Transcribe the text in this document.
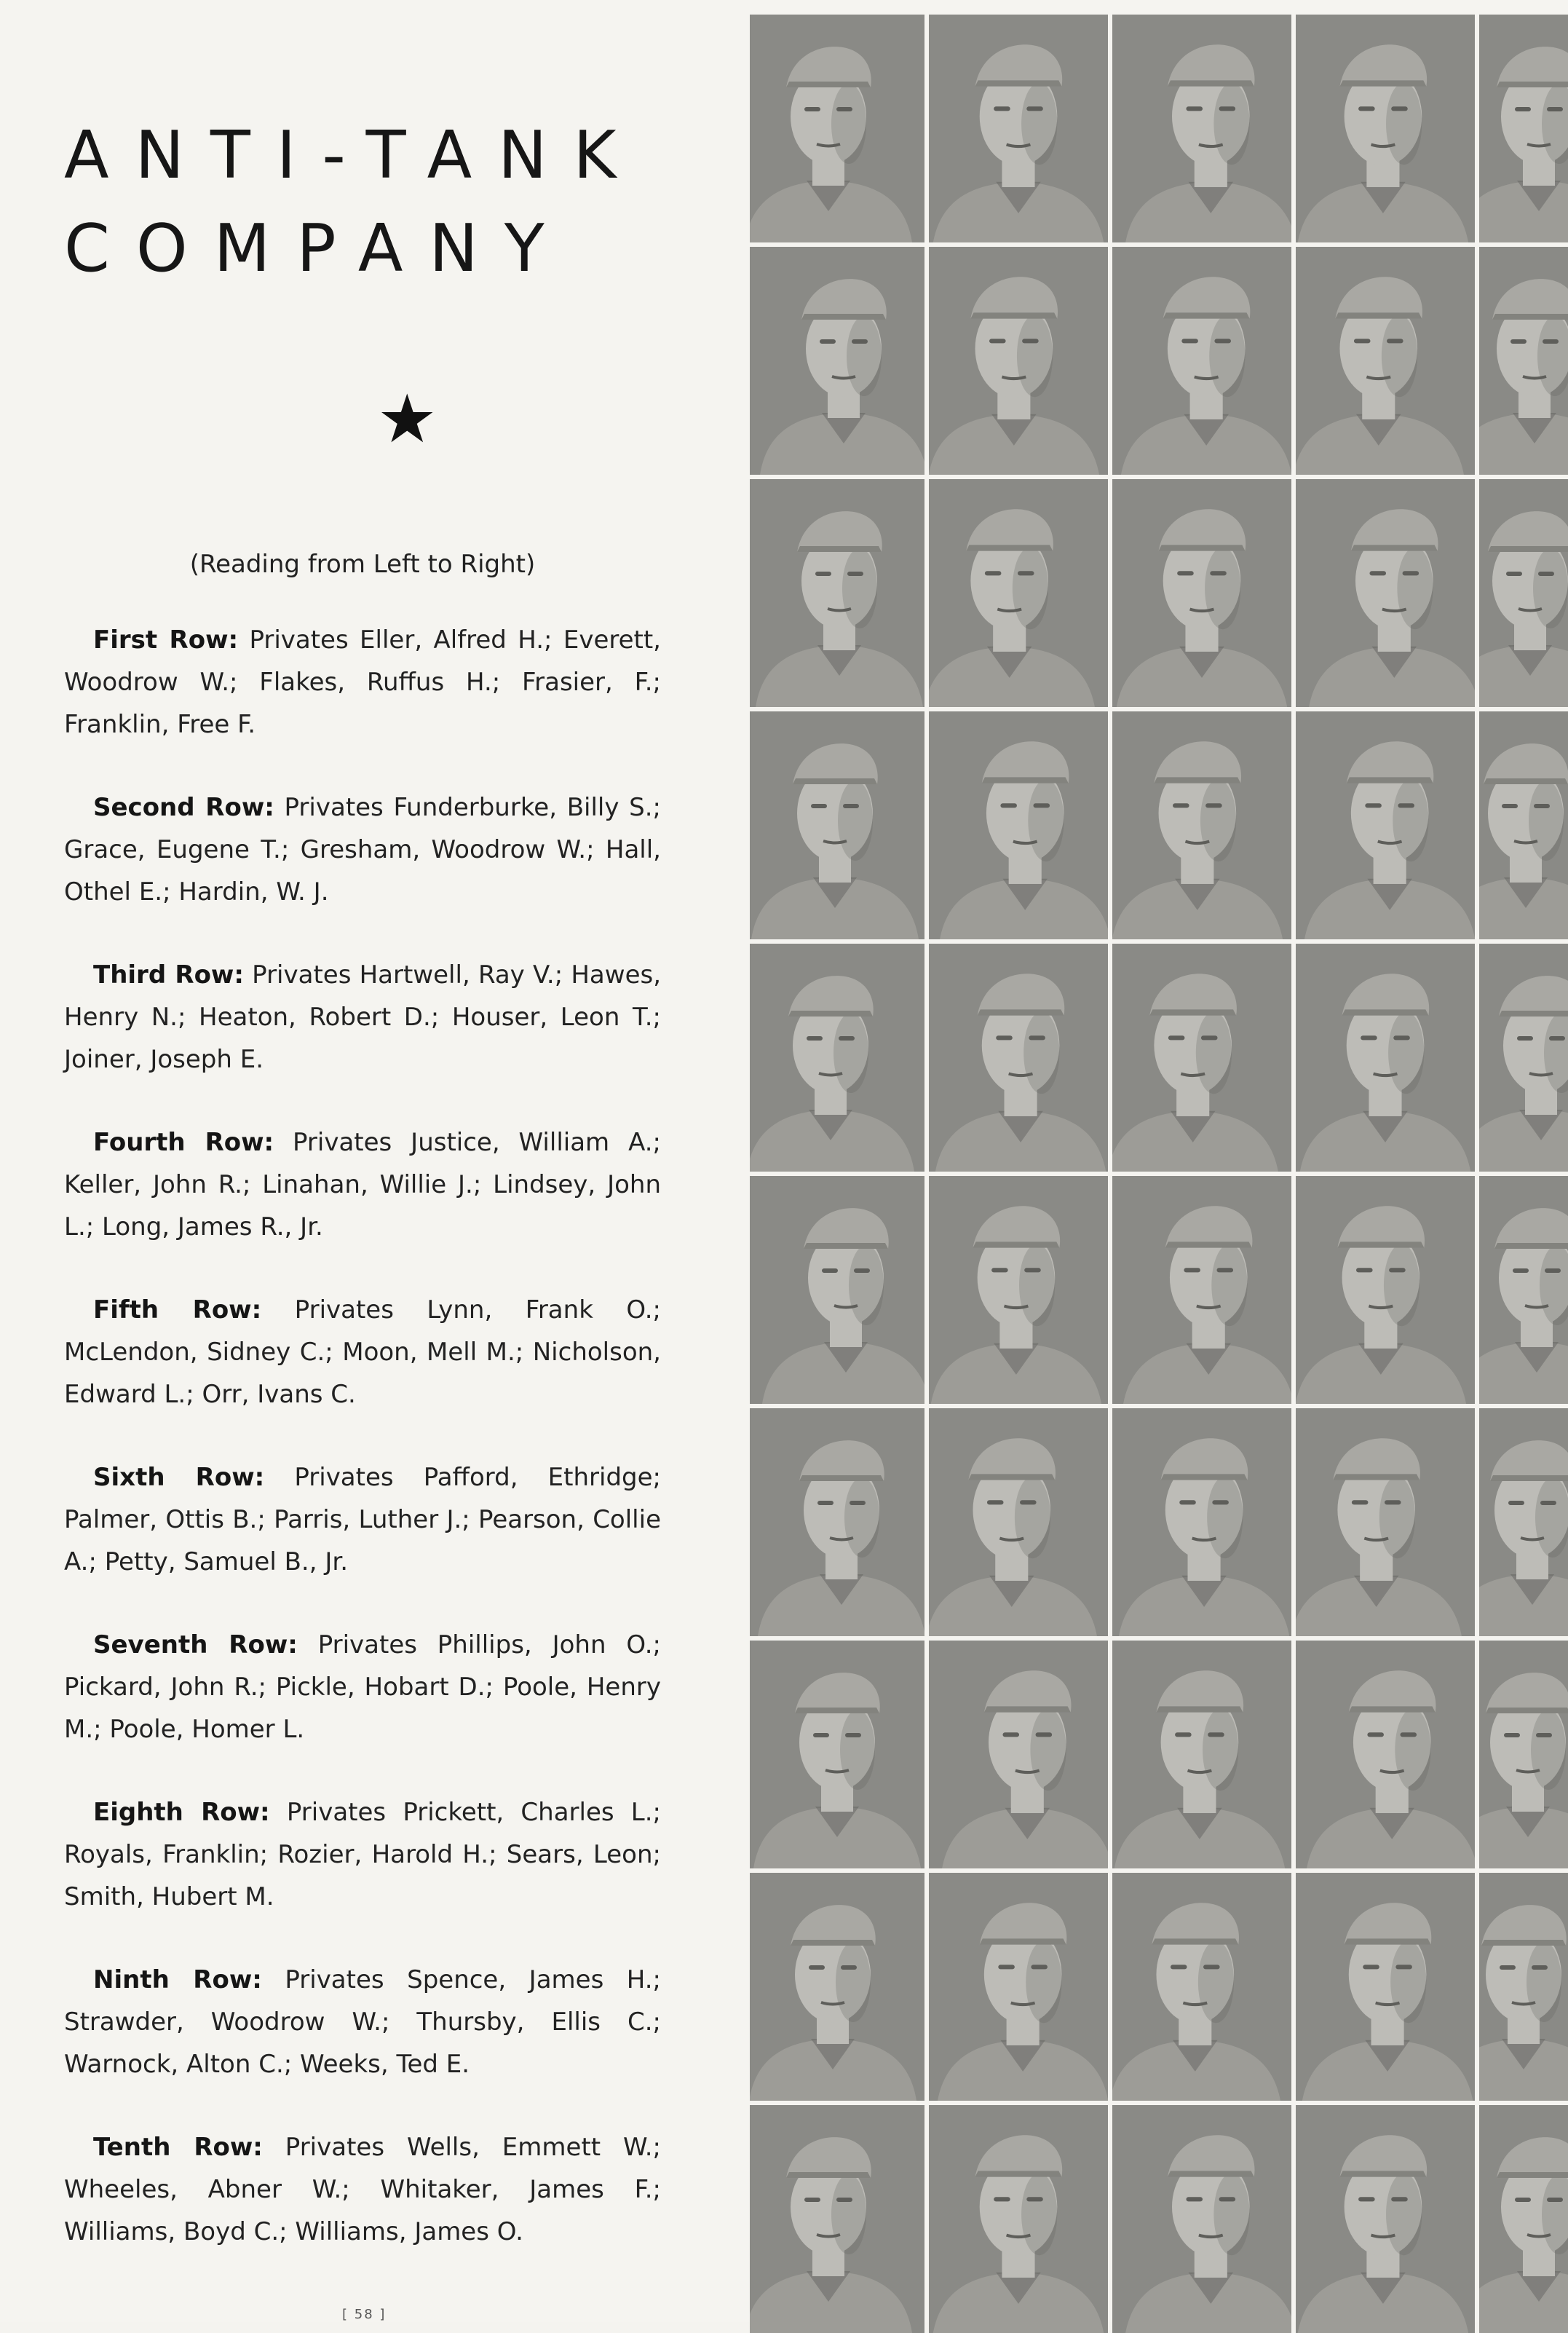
ANTI-TANK
COMPANY
★
(Reading from Left to Right)

First Row: Privates Eller, Alfred H.; Everett, Woodrow W.; Flakes, Ruffus H.; Frasier, F.; Franklin, Free F.

Second Row: Privates Funderburke, Billy S.; Grace, Eugene T.; Gresham, Woodrow W.; Hall, Othel E.; Hardin, W. J.

Third Row: Privates Hartwell, Ray V.; Hawes, Henry N.; Heaton, Robert D.; Houser, Leon T.; Joiner, Joseph E.

Fourth Row: Privates Justice, William A.; Keller, John R.; Linahan, Willie J.; Lindsey, John L.; Long, James R., Jr.

Fifth Row: Privates Lynn, Frank O.; McLendon, Sidney C.; Moon, Mell M.; Nicholson, Edward L.; Orr, Ivans C.

Sixth Row: Privates Pafford, Ethridge; Palmer, Ottis B.; Parris, Luther J.; Pearson, Collie A.; Petty, Samuel B., Jr.

Seventh Row: Privates Phillips, John O.; Pickard, John R.; Pickle, Hobart D.; Poole, Henry M.; Poole, Homer L.

Eighth Row: Privates Prickett, Charles L.; Royals, Franklin; Rozier, Harold H.; Sears, Leon; Smith, Hubert M.

Ninth Row: Privates Spence, James H.; Strawder, Woodrow W.; Thursby, Ellis C.; Warnock, Alton C.; Weeks, Ted E.

Tenth Row: Privates Wells, Emmett W.; Wheeles, Abner W.; Whitaker, James F.; Williams, Boyd C.; Williams, James O.

[ 58 ]
